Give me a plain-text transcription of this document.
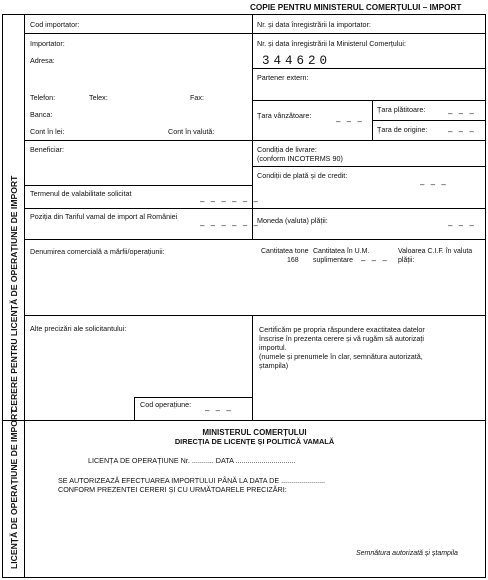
COPIE PENTRU MINISTERUL COMERȚULUI – IMPORT
CERERE PENTRU LICENȚĂ DE OPERAȚIUNE DE IMPORT
LICENȚĂ DE OPERAȚIUNE DE IMPORT
Cod importator:	Nr. și data înregistrării la importator:
Importator:
Adresa:
Telefon:	Telex:	Fax:
Banca:
Cont în lei:	Cont în valută:
Nr. și data înregistrării la Ministerul Comerțului:
344620
Partener extern:
Țara vânzătoare:
– – –
Țara plătitoare:	– – –
Țara de origine:	– – –
Beneficiar:	Condiția de livrare:
(conform INCOTERMS 90)
Condiții de plată și de credit:
– – –
Termenul de valabilitate solicitat
– – – – – –
Poziția din Tariful vamal de import al României
– – – – – –
Moneda (valuta) plății:
– – –
Denumirea comercială a mărfii/operațiunii:	Cantitatea tone
168
Cantitatea în U.M. suplimentare – – –
Valoarea C.I.F. în valuta plății:
Alte precizări ale solicitantului:	Certificăm pe propria răspundere exactitatea datelor
înscrise în prezenta cerere și vă rugăm să autorizați
importul.
(numele și prenumele în clar, semnătura autorizată,
ștampila)
Cod operațiune:
– – –
MINISTERUL COMERȚULUI
DIRECȚIA DE LICENȚE ȘI POLITICĂ VAMALĂ
LICENȚA DE OPERAȚIUNE Nr. ........... DATA ..............................
SE AUTORIZEAZĂ EFECTUAREA IMPORTULUI PÂNĂ LA DATA DE ......................
CONFORM PREZENTEI CERERI ȘI CU URMĂTOARELE PRECIZĂRI:
Semnătura autorizată și ștampila
